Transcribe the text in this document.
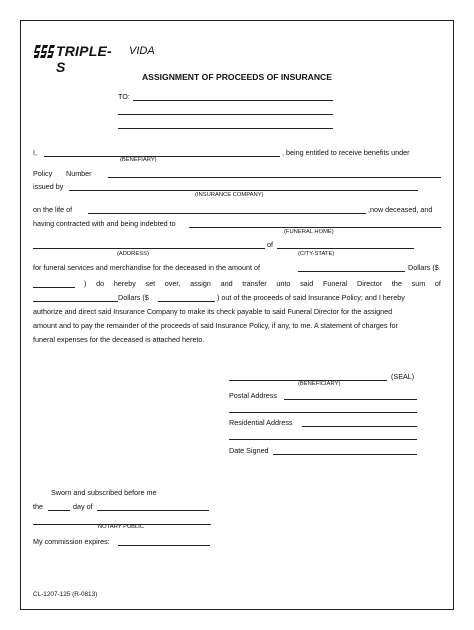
TRIPLE-S
VIDA
ASSIGNMENT OF PROCEEDS OF INSURANCE
TO:
I,	, being entitled to receive benefits under
(BENEFIARY)
Policy Number
issued by
(INSURANCE COMPANY)
on the life of	,now deceased, and
having contracted with and being indebted to
(FUNERAL HOME)
of
(ADDRESS)	(CITY-STATE)
for funeral services and merchandise for the deceased in the amount of	Dollars ($
) do hereby set over, assign and transfer unto said Funeral Director the sum of
Dollars ($	) out of the proceeds of said Insurance Policy; and I hereby
authorize and direct said Insurance Company to make its check payable to said Funeral Director for the assigned
amount and to pay the remainder of the proceeds of said Insurance Policy, if any, to me. A statement of charges for
funeral expenses for the deceased is attached hereto.
(SEAL)
(BENEFICIARY)
Postal Address
Residential Address
Date Signed
Sworn and subscribed before me
the	day of
NOTARY PUBLIC
My commission expires:
CL-1207-125 (R-0813)
